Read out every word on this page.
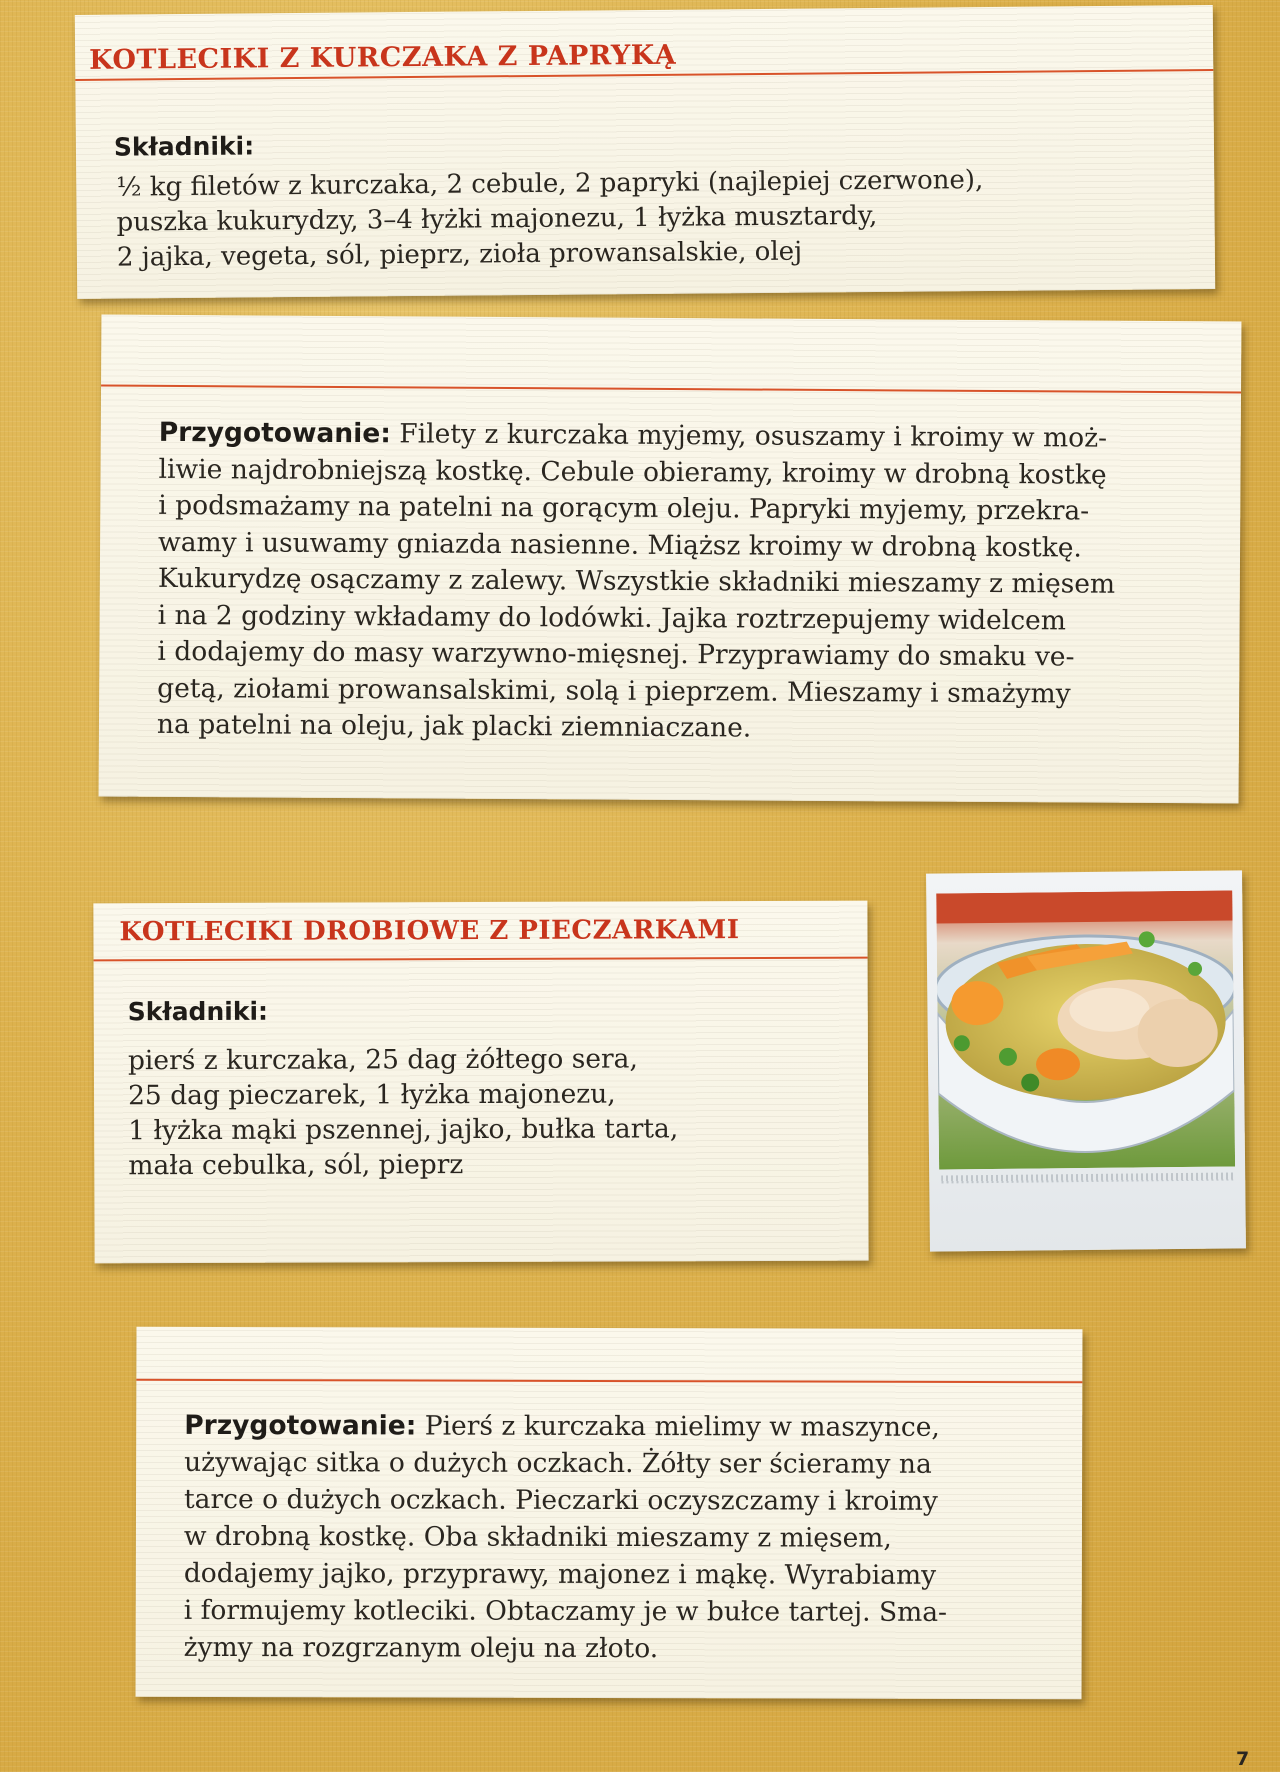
KOTLECIKI Z KURCZAKA Z PAPRYKĄ
Składniki:

½ kg filetów z kurczaka, 2 cebule, 2 papryki (najlepiej czerwone),
puszka kukurydzy, 3–4 łyżki majonezu, 1 łyżka musztardy,
2 jajka, vegeta, sól, pieprz, zioła prowansalskie, olej

Przygotowanie: Filety z kurczaka myjemy, osuszamy i kroimy w moż-
liwie najdrobniejszą kostkę. Cebule obieramy, kroimy w drobną kostkę
i podsmażamy na patelni na gorącym oleju. Papryki myjemy, przekra-
wamy i usuwamy gniazda nasienne. Miąższ kroimy w drobną kostkę.
Kukurydzę osączamy z zalewy. Wszystkie składniki mieszamy z mięsem
i na 2 godziny wkładamy do lodówki. Jajka roztrzepujemy widelcem
i dodajemy do masy warzywno-mięsnej. Przyprawiamy do smaku ve-
getą, ziołami prowansalskimi, solą i pieprzem. Mieszamy i smażymy
na patelni na oleju, jak placki ziemniaczane.

KOTLECIKI DROBIOWE Z PIECZARKAMI
Składniki:

pierś z kurczaka, 25 dag żółtego sera,
25 dag pieczarek, 1 łyżka majonezu,
1 łyżka mąki pszennej, jajko, bułka tarta,
mała cebulka, sól, pieprz

Przygotowanie: Pierś z kurczaka mielimy w maszynce,
używając sitka o dużych oczkach. Żółty ser ścieramy na
tarce o dużych oczkach. Pieczarki oczyszczamy i kroimy
w drobną kostkę. Oba składniki mieszamy z mięsem,
dodajemy jajko, przyprawy, majonez i mąkę. Wyrabiamy
i formujemy kotleciki. Obtaczamy je w bułce tartej. Sma-
żymy na rozgrzanym oleju na złoto.

7
